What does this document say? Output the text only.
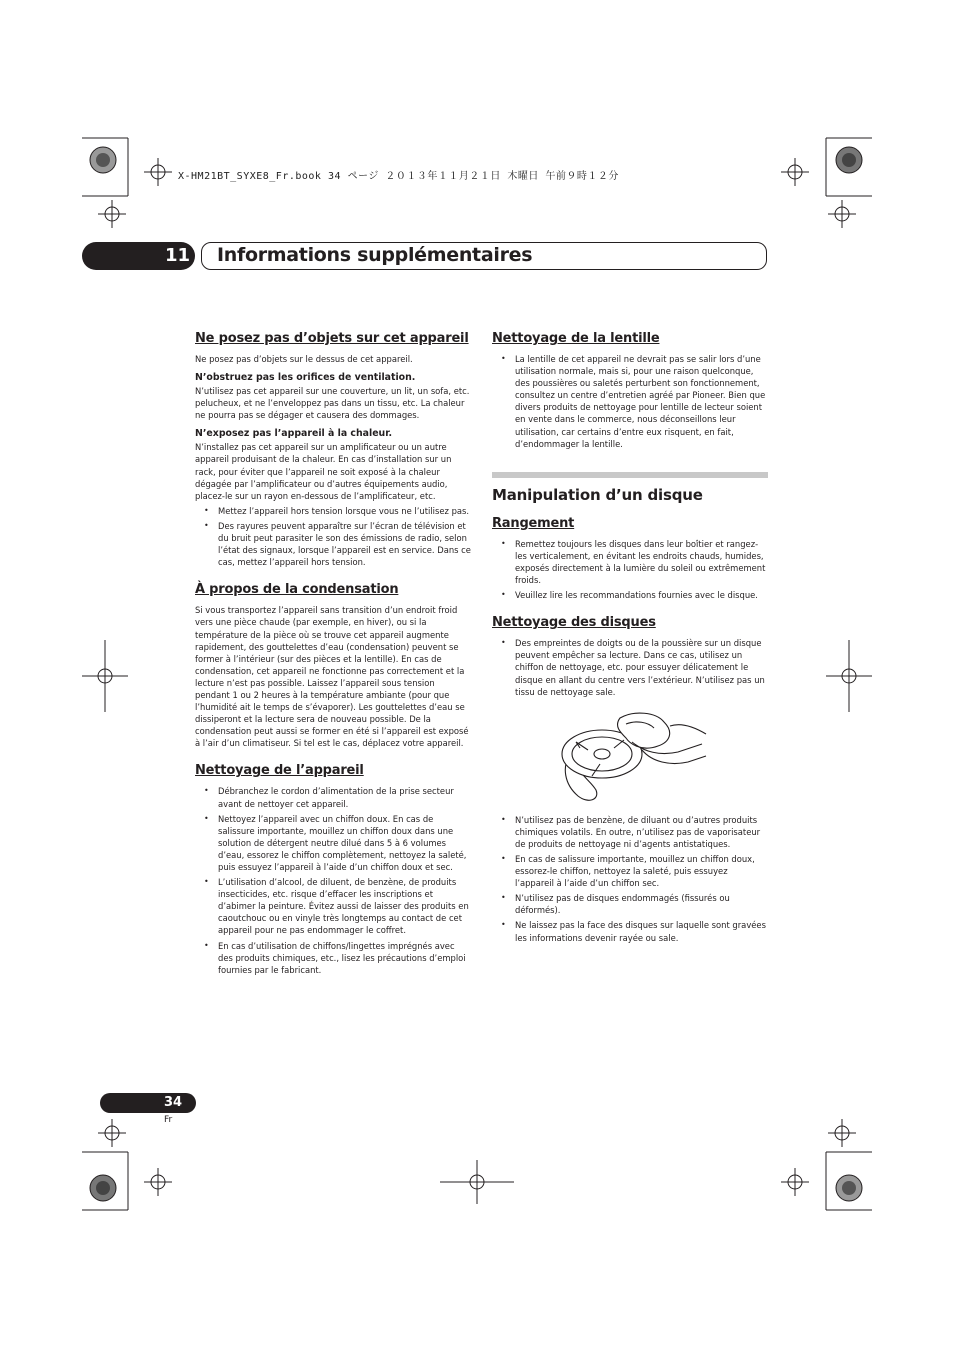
X-HM21BT_SYXE8_Fr.book 34 ページ ２０１３年１１月２１日 木曜日 午前９時１２分
11 Informations supplémentaires
Ne posez pas d’objets sur cet appareil

Ne posez pas d’objets sur le dessus de cet appareil.

N’obstruez pas les orifices de ventilation.

N’utilisez pas cet appareil sur une couverture, un lit, un sofa, etc. pelucheux, et ne l’enveloppez pas dans un tissu, etc. La chaleur ne pourra pas se dégager et causera des dommages.

N’exposez pas l’appareil à la chaleur.

N’installez pas cet appareil sur un amplificateur ou un autre appareil produisant de la chaleur. En cas d’installation sur un rack, pour éviter que l’appareil ne soit exposé à la chaleur dégagée par l’amplificateur ou d’autres équipements audio, placez-le sur un rayon en-dessous de l’amplificateur, etc.

• Mettez l’appareil hors tension lorsque vous ne l’utilisez pas.
• Des rayures peuvent apparaître sur l’écran de télévision et du bruit peut parasiter le son des émissions de radio, selon l’état des signaux, lorsque l’appareil est en service. Dans ce cas, mettez l’appareil hors tension.
À propos de la condensation

Si vous transportez l’appareil sans transition d’un endroit froid vers une pièce chaude (par exemple, en hiver), ou si la température de la pièce où se trouve cet appareil augmente rapidement, des gouttelettes d’eau (condensation) peuvent se former à l’intérieur (sur des pièces et la lentille). En cas de condensation, cet appareil ne fonctionne pas correctement et la lecture n’est pas possible. Laissez l’appareil sous tension pendant 1 ou 2 heures à la température ambiante (pour que l’humidité ait le temps de s’évaporer). Les gouttelettes d’eau se dissiperont et la lecture sera de nouveau possible. De la condensation peut aussi se former en été si l’appareil est exposé à l’air d’un climatiseur. Si tel est le cas, déplacez votre appareil.

Nettoyage de l’appareil
• Débranchez le cordon d’alimentation de la prise secteur avant de nettoyer cet appareil.
• Nettoyez l’appareil avec un chiffon doux. En cas de salissure importante, mouillez un chiffon doux dans une solution de détergent neutre dilué dans 5 à 6 volumes d’eau, essorez le chiffon complètement, nettoyez la saleté, puis essuyez l’appareil à l’aide d’un chiffon doux et sec.
• L’utilisation d’alcool, de diluent, de benzène, de produits insecticides, etc. risque d’effacer les inscriptions et d’abimer la peinture. Évitez aussi de laisser des produits en caoutchouc ou en vinyle très longtemps au contact de cet appareil pour ne pas endommager le coffret.
• En cas d’utilisation de chiffons/lingettes imprégnés avec des produits chimiques, etc., lisez les précautions d’emploi fournies par le fabricant.
Nettoyage de la lentille
• La lentille de cet appareil ne devrait pas se salir lors d’une utilisation normale, mais si, pour une raison quelconque, des poussières ou saletés perturbent son fonctionnement, consultez un centre d’entretien agréé par Pioneer. Bien que divers produits de nettoyage pour lentille de lecteur soient en vente dans le commerce, nous déconseillons leur utilisation, car certains d’entre eux risquent, en fait, d’endommager la lentille.
Manipulation d’un disque
Rangement
• Remettez toujours les disques dans leur boîtier et rangez-les verticalement, en évitant les endroits chauds, humides, exposés directement à la lumière du soleil ou extrêmement froids.
• Veuillez lire les recommandations fournies avec le disque.
Nettoyage des disques
• Des empreintes de doigts ou de la poussière sur un disque peuvent empêcher sa lecture. Dans ce cas, utilisez un chiffon de nettoyage, etc. pour essuyer délicatement le disque en allant du centre vers l’extérieur. N’utilisez pas un tissu de nettoyage sale.
• N’utilisez pas de benzène, de diluant ou d’autres produits chimiques volatils. En outre, n’utilisez pas de vaporisateur de produits de nettoyage ni d’agents antistatiques.
• En cas de salissure importante, mouillez un chiffon doux, essorez-le chiffon, nettoyez la saleté, puis essuyez l’appareil à l’aide d’un chiffon sec.
• N’utilisez pas de disques endommagés (fissurés ou déformés).
• Ne laissez pas la face des disques sur laquelle sont gravées les informations devenir rayée ou sale.
34
Fr
